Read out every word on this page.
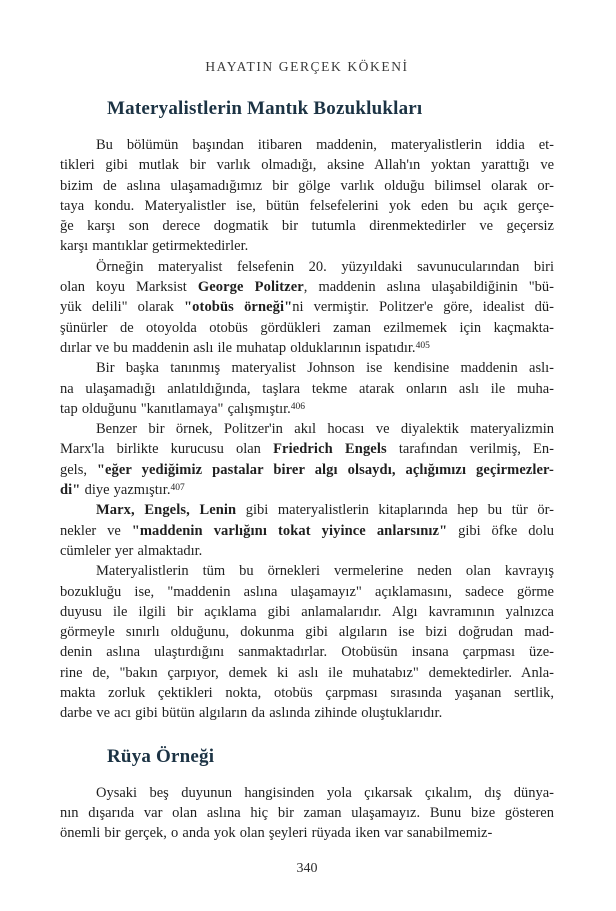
HAYATIN GERÇEK KÖKENİ
Materyalistlerin Mantık Bozuklukları
Bu bölümün başından itibaren maddenin, materyalistlerin iddia et-
tikleri gibi mutlak bir varlık olmadığı, aksine Allah'ın yoktan yarattığı ve
bizim de aslına ulaşamadığımız bir gölge varlık olduğu bilimsel olarak or-
taya kondu. Materyalistler ise, bütün felsefelerini yok eden bu açık gerçe-
ğe karşı son derece dogmatik bir tutumla direnmektedirler ve geçersiz
karşı mantıklar getirmektedirler.
Örneğin materyalist felsefenin 20. yüzyıldaki savunucularından biri
olan koyu Marksist George Politzer, maddenin aslına ulaşabildiğinin "bü-
yük delili" olarak "otobüs örneği"ni vermiştir. Politzer'e göre, idealist dü-
şünürler de otoyolda otobüs gördükleri zaman ezilmemek için kaçmakta-
dırlar ve bu maddenin aslı ile muhatap olduklarının ispatıdır.$^{405}$
Bir başka tanınmış materyalist Johnson ise kendisine maddenin aslı-
na ulaşamadığı anlatıldığında, taşlara tekme atarak onların aslı ile muha-
tap olduğunu "kanıtlamaya" çalışmıştır.$^{406}$
Benzer bir örnek, Politzer'in akıl hocası ve diyalektik materyalizmin
Marx'la birlikte kurucusu olan Friedrich Engels tarafından verilmiş, En-
gels, "eğer yediğimiz pastalar birer algı olsaydı, açlığımızı geçirmezler-
di" diye yazmıştır.$^{407}$
Marx, Engels, Lenin gibi materyalistlerin kitaplarında hep bu tür ör-
nekler ve "maddenin varlığını tokat yiyince anlarsınız" gibi öfke dolu
cümleler yer almaktadır.
Materyalistlerin tüm bu örnekleri vermelerine neden olan kavrayış
bozukluğu ise, "maddenin aslına ulaşamayız" açıklamasını, sadece görme
duyusu ile ilgili bir açıklama gibi anlamalarıdır. Algı kavramının yalnızca
görmeyle sınırlı olduğunu, dokunma gibi algıların ise bizi doğrudan mad-
denin aslına ulaştırdığını sanmaktadırlar. Otobüsün insana çarpması üze-
rine de, "bakın çarpıyor, demek ki aslı ile muhatabız" demektedirler. Anla-
makta zorluk çektikleri nokta, otobüs çarpması sırasında yaşanan sertlik,
darbe ve acı gibi bütün algıların da aslında zihinde oluştuklarıdır.
Rüya Örneği
Oysaki beş duyunun hangisinden yola çıkarsak çıkalım, dış dünya-
nın dışarıda var olan aslına hiç bir zaman ulaşamayız. Bunu bize gösteren
önemli bir gerçek, o anda yok olan şeyleri rüyada iken var sanabilmemiz-
340
